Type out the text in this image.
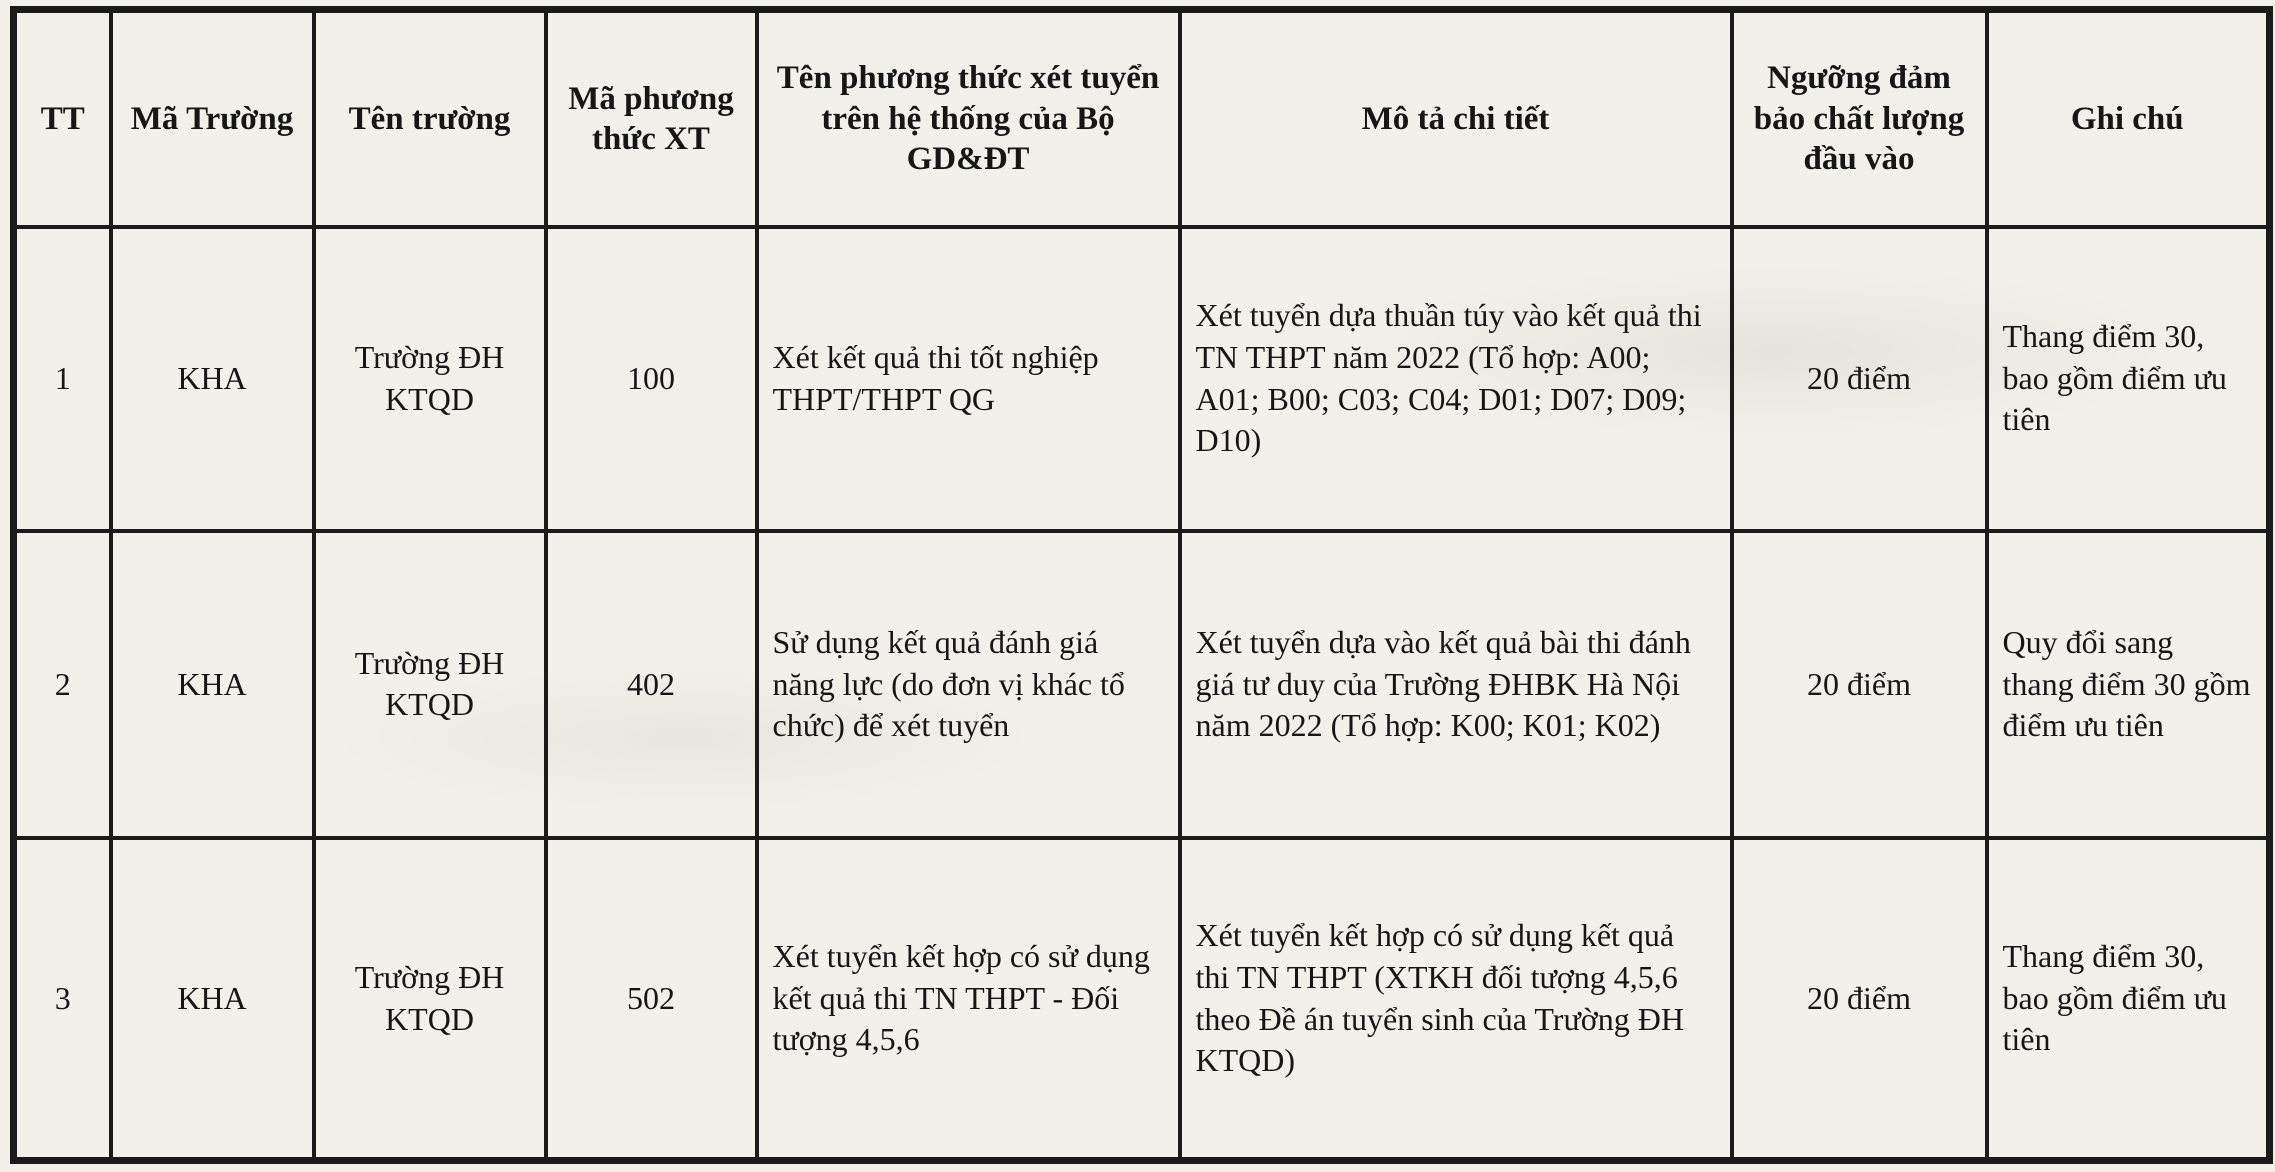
TT	Mã Trường	Tên trường	Mã phương thức XT	Tên phương thức xét tuyển trên hệ thống của Bộ GD&ĐT	Mô tả chi tiết	Ngưỡng đảm bảo chất lượng đầu vào	Ghi chú
1	KHA	Trường ĐH KTQD	100	Xét kết quả thi tốt nghiệp THPT/THPT QG	Xét tuyển dựa thuần túy vào kết quả thi TN THPT năm 2022 (Tổ hợp: A00; A01; B00; C03; C04; D01; D07; D09; D10)	20 điểm	Thang điểm 30, bao gồm điểm ưu tiên
2	KHA	Trường ĐH KTQD	402	Sử dụng kết quả đánh giá năng lực (do đơn vị khác tổ chức) để xét tuyển	Xét tuyển dựa vào kết quả bài thi đánh giá tư duy của Trường ĐHBK Hà Nội năm 2022 (Tổ hợp: K00; K01; K02)	20 điểm	Quy đổi sang thang điểm 30 gồm điểm ưu tiên
3	KHA	Trường ĐH KTQD	502	Xét tuyển kết hợp có sử dụng kết quả thi TN THPT - Đối tượng 4,5,6	Xét tuyển kết hợp có sử dụng kết quả thi TN THPT (XTKH đối tượng 4,5,6 theo Đề án tuyển sinh của Trường ĐH KTQD)	20 điểm	Thang điểm 30, bao gồm điểm ưu tiên
